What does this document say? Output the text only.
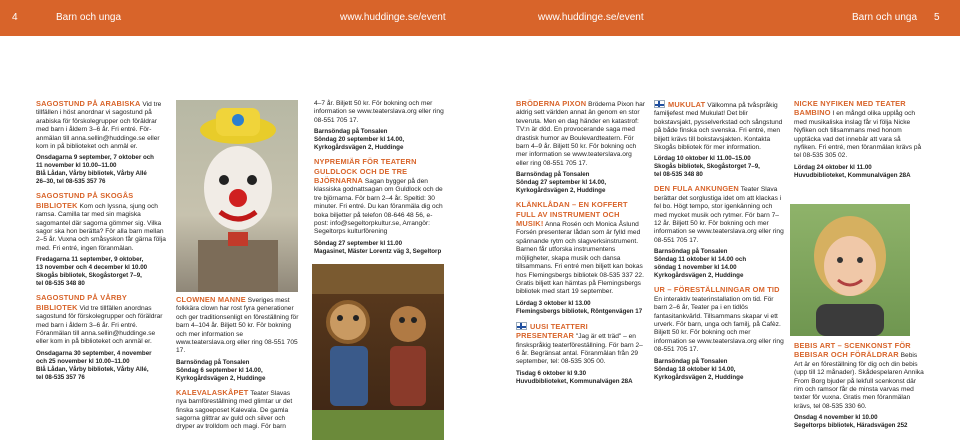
4	Barn och unga	www.huddinge.se/event	www.huddinge.se/event	Barn och unga 5

SAGOSTUND PÅ ARABISKA Vid tre tillfällen i höst anordnar vi sagostund på arabiska för förskolegrupper och föräldrar med barn i åldern 3–6 år. Fri entré. För-anmälan till anna.sellin@huddinge.se eller kom in på biblioteket och anmäl er.

Onsdagarna 9 september, 7 oktober och
11 november kl 10.00–11.00
Blå Lådan, Vårby bibliotek, Vårby Allé
26–30, tel 08-535 357 76

SAGOSTUND PÅ SKOGÅS BIBLIOTEK Kom och lyssna, sjung och ramsa. Camilla tar med sin magiska sagomantel där sagorna gömmer sig. Vilka sagor ska hon berätta? För alla barn mellan 2–5 år. Vuxna och småsyskon får gärna följa med. Fri entré, ingen föranmälan.

Fredagarna 11 september, 9 oktober,
13 november och 4 december kl 10.00
Skogås bibliotek, Skogåstorget 7–9,
tel 08-535 348 80

SAGOSTUND PÅ VÅRBY BIBLIOTEK Vid tre tillfällen anordnas sagostund för förskolegrupper och föräldrar med barn i åldern 3–6 år. Fri entré. Föranmälan till anna.sellin@huddinge.se eller kom in på biblioteket och anmäl er.

Onsdagarna 30 september, 4 november
och 25 november kl 10.00–11.00
Blå Lådan, Vårby bibliotek, Vårby Allé,
tel 08-535 357 76

CLOWNEN MANNE Sveriges mest folkkära clown har rost fyra generationer och ger traditionsenligt en föreställning för barn 4–104 år. Biljett 50 kr. För bokning och mer information se www.teaterslava.org eller ring 08-551 705 17.

Barnsöndag på Tonsalen
Söndag 6 september kl 14.00,
Kyrkogårdsvägen 2, Huddinge

KALEVALASKÅPET Teater Slavas nya barnföreställning med glimtar ur det finska sagoeposet Kalevala. De gamla sagorna glittrar av guld och silver och dryper av trolldom och magi. För barn

4–7 år. Biljett 50 kr. För bokning och mer information se www.teaterslava.org eller ring 08-551 705 17.

Barnsöndag på Tonsalen
Söndag 20 september kl 14.00,
Kyrkogårdsvägen 2, Huddinge

NYPREMIÄR FÖR TEATERN GULDLOCK OCH DE TRE BJÖRNARNA Sagan bygger på den klassiska godnattsagan om Guldlock och de tre björnarna. För barn 2–4 år. Speltid: 30 minuter. Fri entré. Du kan föranmäla dig och boka biljetter på telefon 08-646 48 56, e-post: info@segeltorpkultur.se, Arrangör: Segeltorps kulturförening

Söndag 27 september kl 11.00
Magasinet, Mäster Lorentz väg 3, Segeltorp

BRÖDERNA PIXON Bröderna Pixon har aldrig sett världen annat än genom en stor teveruta. Men en dag händer en katastrof: TV:n är död. En provocerande saga med drastisk humor av Boulevardteatern. För barn 4–9 år. Biljett 50 kr. För bokning och mer information se www.teaterslava.org eller ring 08-551 705 17.

Barnsöndag på Tonsalen
Söndag 27 september kl 14.00,
Kyrkogårdsvägen 2, Huddinge

KLÄNKLÅDAN – EN KOFFERT FULL AV INSTRUMENT OCH MUSIK! Anna Rosén och Monica Åslund Forsén presenterar lådan som är fylld med spännande rytm och slagverksinstrument. Barnen får utforska instrumentens möjligheter, skapa musik och dansa tillsammans. Fri entré men biljett kan bokas hos Flemingsbergs bibliotek 08-535 337 22. Gratis biljett kan hämtas på Flemingsbergs bibliotek med start 19 september.

Lördag 3 oktober kl 13.00
Flemingsbergs bibliotek, Röntgenvägen 17

UUSI TEATTERI PRESENTERAR "Jag är ett träd" – en finskspråkig teaterföreställning. För barn 2–6 år. Begränsat antal. Föranmälan från 29 september, tel: 08-535 305 00.

Tisdag 6 oktober kl 9.30
Huvudbiblioteket, Kommunalvägen 28A

MUKULAT Välkomna på tvåspråkig familjefest med Mukulat! Det blir bokstavsjakt, pysselverkstad och sångstund på både finska och svenska. Fri entré, men biljett krävs till bokstavsjakten. Kontakta Skogås bibliotek för mer information.

Lördag 10 oktober kl 11.00–15.00
Skogås bibliotek, Skogåstorget 7–9,
tel 08-535 348 80

DEN FULA ANKUNGEN Teater Slava berättar det sorglustiga idet om att klackas i fel bo. Högt tempo, stor igenkänning och med mycket musik och rytmer. För barn 7–12 år. Biljett 50 kr. För bokning och mer information se www.teaterslava.org eller ring 08-551 705 17.

Barnsöndag på Tonsalen
Söndag 11 oktober kl 14.00 och
söndag 1 november kl 14.00
Kyrkogårdsvägen 2, Huddinge

UR – FÖRESTÄLLNINGAR OM TID En interaktiv teaterinstallation om tid. För barn 2–6 år, Teater pa i en tidlös fantasitankvärld. Tillsammans skapar vi ett urverk. För barn, unga och familj, på Cafèz. Biljett 50 kr. För bokning och mer information se www.teaterslava.org eller ring 08-551 705 17.

Barnsöndag på Tonsalen
Söndag 18 oktober kl 14.00,
Kyrkogårdsvägen 2, Huddinge

NICKE NYFIKEN MED TEATER BAMBINO I en mångd olika upplåg och med musikaliska inslag får vi följa Nicke Nyfiken och tillsammans med honom upptäcka vad det innebär att vara så nyfiken. Fri entré, men föranmälan krävs på tel 08-535 305 02.

Lördag 24 oktober kl 11.00
Huvudbiblioteket, Kommunalvägen 28A

BEBIS ART – SCENKONST FÖR BEBISAR OCH FÖRÄLDRAR Bebis Art är en föreställning för dig och din bebis (upp till 12 månader). Skådespelaren Annika From Borg bjuder på lekfull scenkonst där rim och ramsor får de minsta varvas med texter för vuxna. Gratis men föranmälan krävs, tel 08-535 330 60.

Onsdag 4 november kl 10.00
Segeltorps bibliotek, Häradsvägen 252
